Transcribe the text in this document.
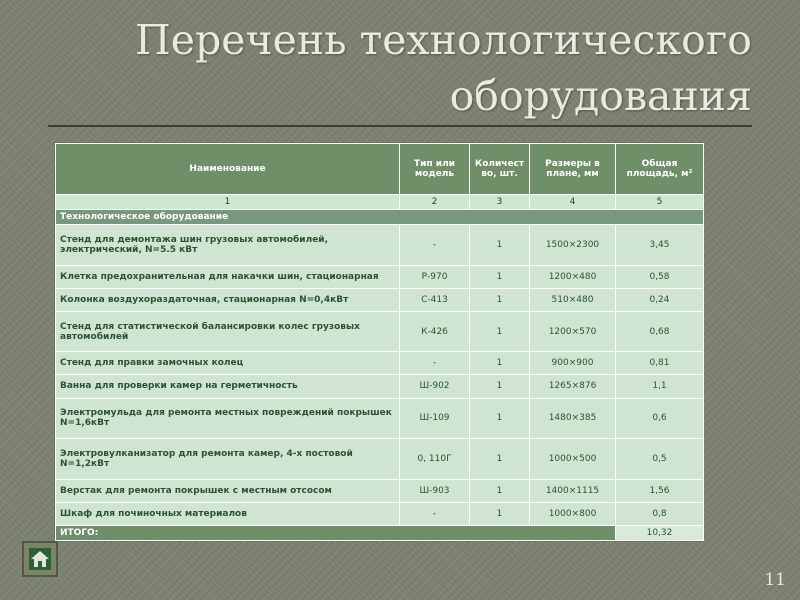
Перечень технологического
оборудования
Наименование	Тип или модель	Количество, шт.	Размеры в плане, мм	Общая площадь, м²
1	2	3	4	5
Технологическое оборудование				
Стенд для демонтажа шин грузовых автомобилей, электрический, N=5.5 кВт	-	1	1500×2300	3,45
Клетка предохранительная для накачки шин, стационарная	Р-970	1	1200×480	0,58
Колонка воздухораздаточная, стационарная N=0,4кВт	С-413	1	510×480	0,24
Стенд для статистической балансировки колес грузовых автомобилей	К-426	1	1200×570	0,68
Стенд для правки замочных колец	-	1	900×900	0,81
Ванна для проверки камер на герметичность	Ш-902	1	1265×876	1,1
Электромульда для ремонта местных повреждений покрышек N=1,6кВт	Ш-109	1	1480×385	0,6
Электровулканизатор для ремонта камер, 4-х постовой N=1,2кВт	0, 110Г	1	1000×500	0,5
Верстак для ремонта покрышек с местным отсосом	Ш-903	1	1400×1115	1,56
Шкаф для починочных материалов	-	1	1000×800	0,8
ИТОГО:				10,32
11
